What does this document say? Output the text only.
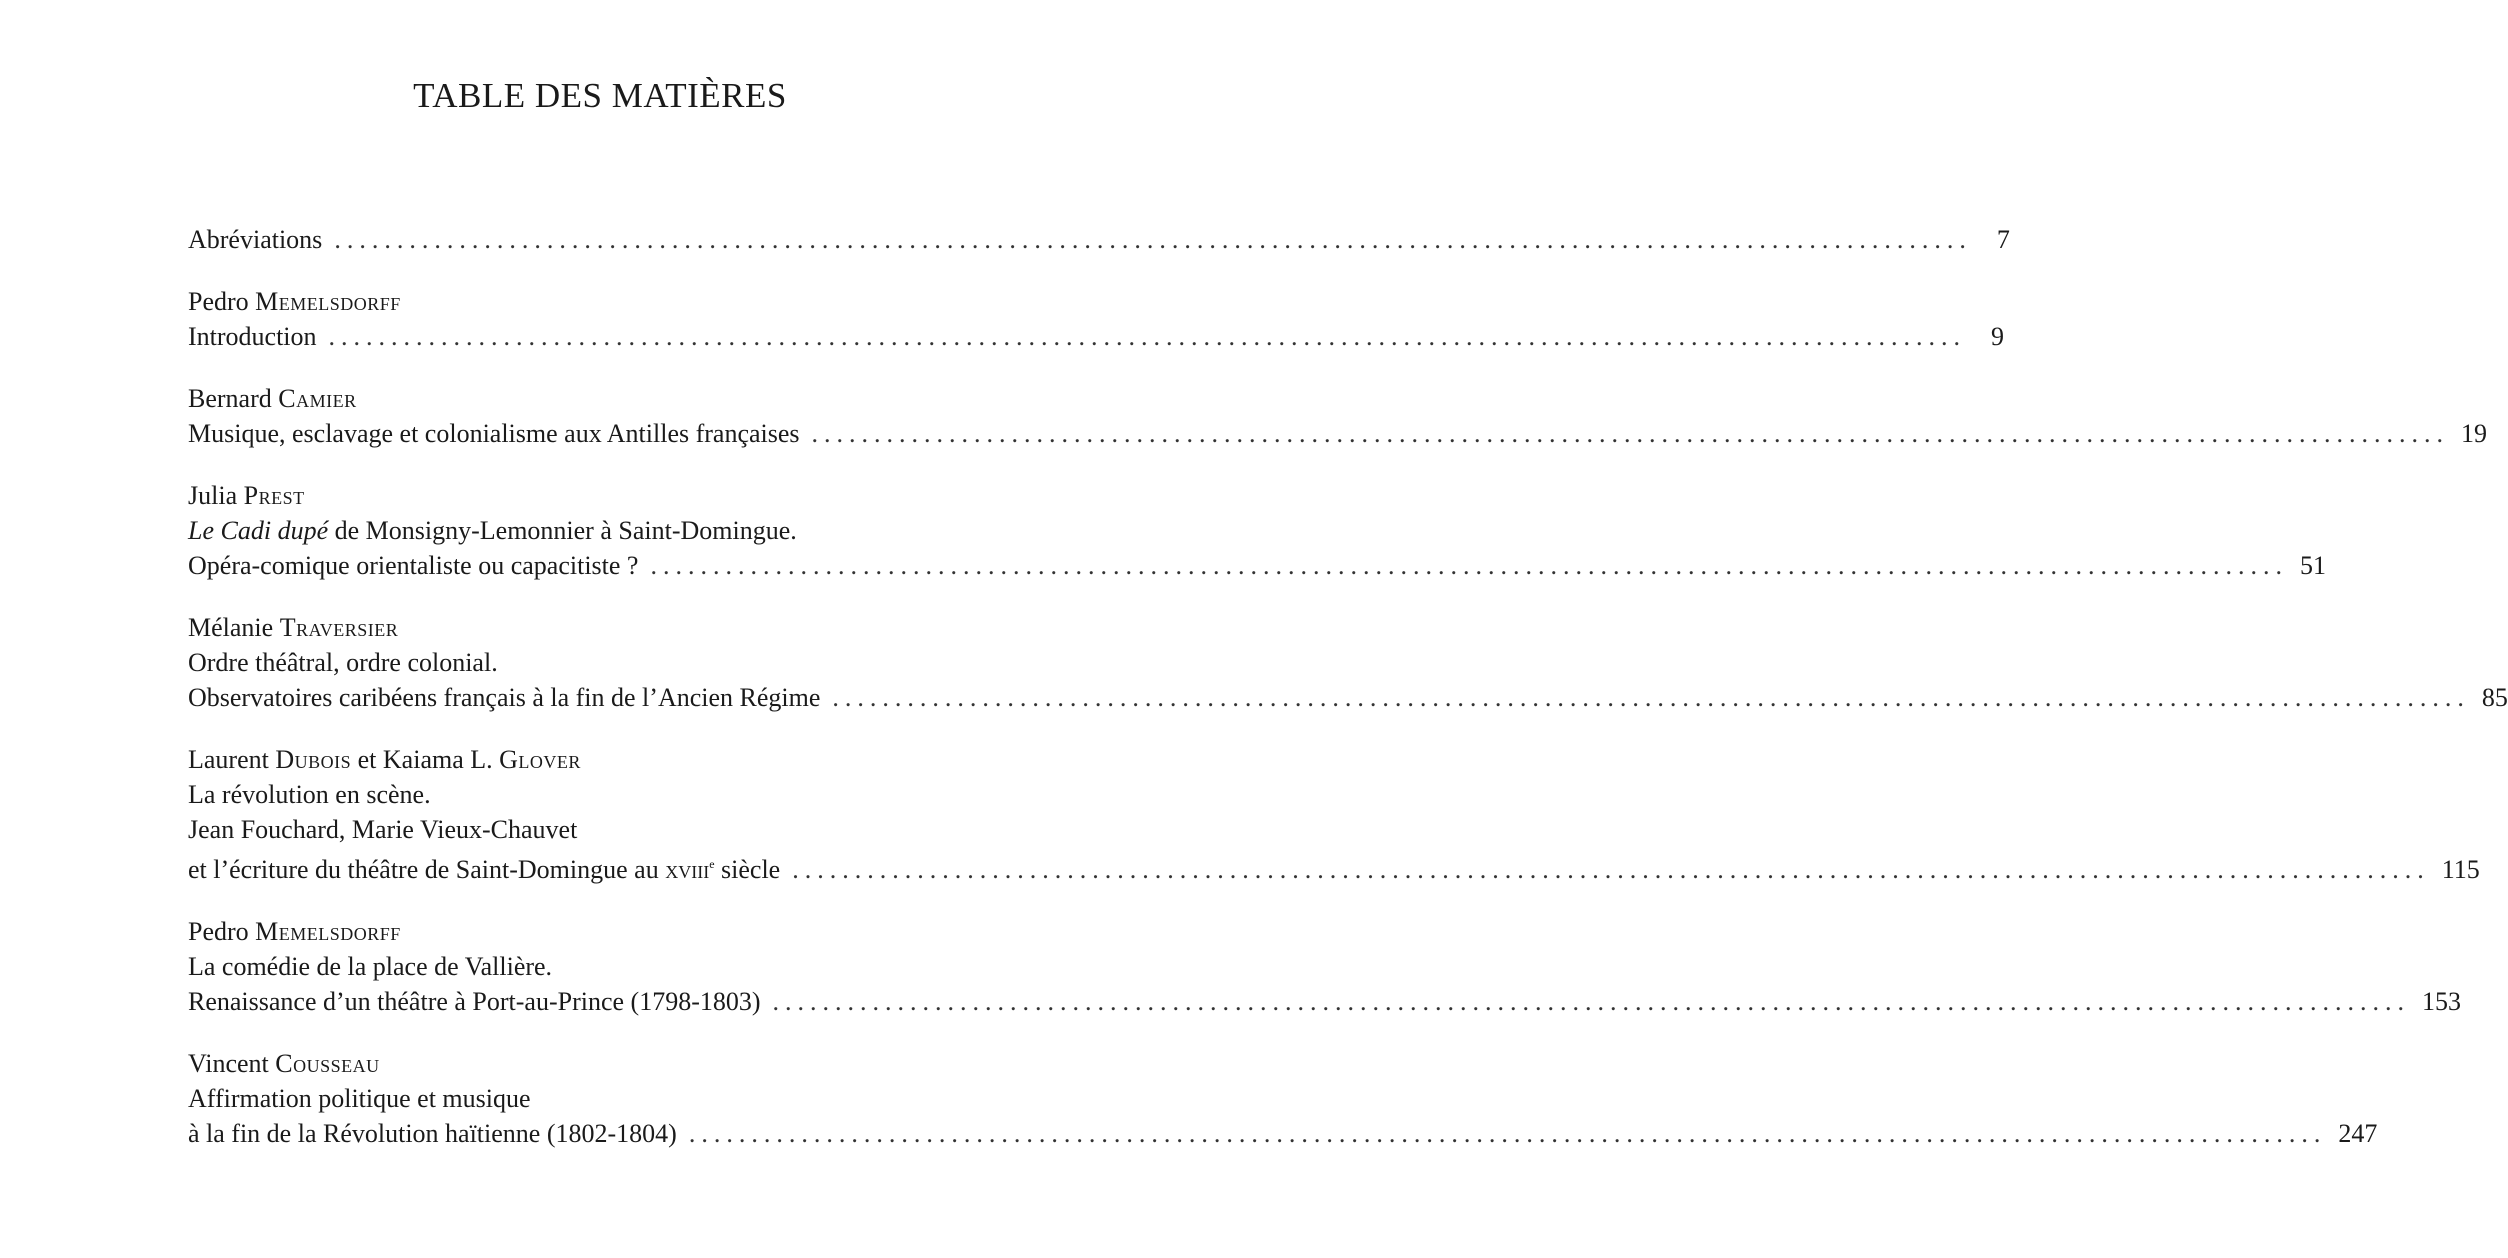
TABLE DES MATIÈRES
Abréviations ................................................................................................................................... 7
Pedro Memelsdorff
Introduction ................................................................................................................................... 9
Bernard Camier
Musique, esclavage et colonialisme aux Antilles françaises ................................................................................................................................... 19
Julia Prest
Le Cadi dupé de Monsigny-Lemonnier à Saint-Domingue.
Opéra-comique orientaliste ou capacitiste ? ................................................................................................................................... 51
Mélanie Traversier
Ordre théâtral, ordre colonial.
Observatoires caribéens français à la fin de l’Ancien Régime ................................................................................................................................... 85
Laurent Dubois et Kaiama L. Glover
La révolution en scène.
Jean Fouchard, Marie Vieux-Chauvet
et l’écriture du théâtre de Saint-Domingue au xviii$^e$ siècle ................................................................................................................................... 115
Pedro Memelsdorff
La comédie de la place de Vallière.
Renaissance d’un théâtre à Port-au-Prince (1798-1803) ................................................................................................................................... 153
Vincent Cousseau
Affirmation politique et musique
à la fin de la Révolution haïtienne (1802-1804) ................................................................................................................................... 247
